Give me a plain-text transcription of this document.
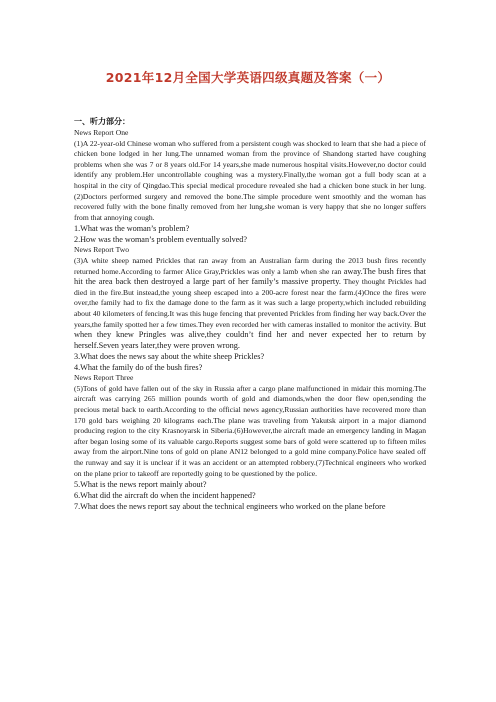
2021年12月全国大学英语四级真题及答案（一）
一、听力部分：

News Report One

(1)A 22-year-old Chinese woman who suffered from a persistent cough was shocked to learn that she had a piece of chicken bone lodged in her lung.The unnamed woman from the province of Shandong started have coughing problems when she was 7 or 8 years old.For 14 years,she made numerous hospital visits.However,no doctor could identify any problem.Her uncontrollable coughing was a mystery.Finally,the woman got a full body scan at a hospital in the city of Qingdao.This special medical procedure revealed she had a chicken bone stuck in her lung.(2)Doctors performed surgery and removed the bone.The simple procedure went smoothly and the woman has recovered fully with the bone finally removed from her lung,she woman is very happy that she no longer suffers from that annoying cough.

1.What was the woman’s problem?

2.How was the woman’s problem eventually solved?

News Report Two

(3)A white sheep named Prickles that ran away from an Australian farm during the 2013 bush fires recently returned home.According to farmer Alice Gray,Prickles was only a lamb when she ran away.The bush fires that hit the area back then destroyed a large part of her family’s massive property. They thought Prickles had died in the fire.But instead,the young sheep escaped into a 200-acre forest near the farm.(4)Once the fires were over,the family had to fix the damage done to the farm as it was such a large property,which included rebuilding about 40 kilometers of fencing.It was this huge fencing that prevented Prickles from finding her way back.Over the years,the family spotted her a few times.They even recorded her with cameras installed to monitor the activity. But when they knew Pringles was alive,they couldn’t find her and never expected her to return by herself.Seven years later,they were proven wrong.

3.What does the news say about the white sheep Prickles?

4.What the family do of the bush fires?

News Report Three

(5)Tons of gold have fallen out of the sky in Russia after a cargo plane malfunctioned in midair this morning.The aircraft was carrying 265 million pounds worth of gold and diamonds,when the door flew open,sending the precious metal back to earth.According to the official news agency,Russian authorities have recovered more than 170 gold bars weighing 20 kilograms each.The plane was traveling from Yakutsk airport in a major diamond producing region to the city Krasnoyarsk in Siberia.(6)However,the aircraft made an emergency landing in Magan after began losing some of its valuable cargo.Reports suggest some bars of gold were scattered up to fifteen miles away from the airport.Nine tons of gold on plane AN12 belonged to a gold mine company.Police have sealed off the runway and say it is unclear if it was an accident or an attempted robbery.(7)Technical engineers who worked on the plane prior to takeoff are reportedly going to be questioned by the police.

5.What is the news report mainly about?

6.What did the aircraft do when the incident happened?

7.What does the news report say about the technical engineers who worked on the plane before
